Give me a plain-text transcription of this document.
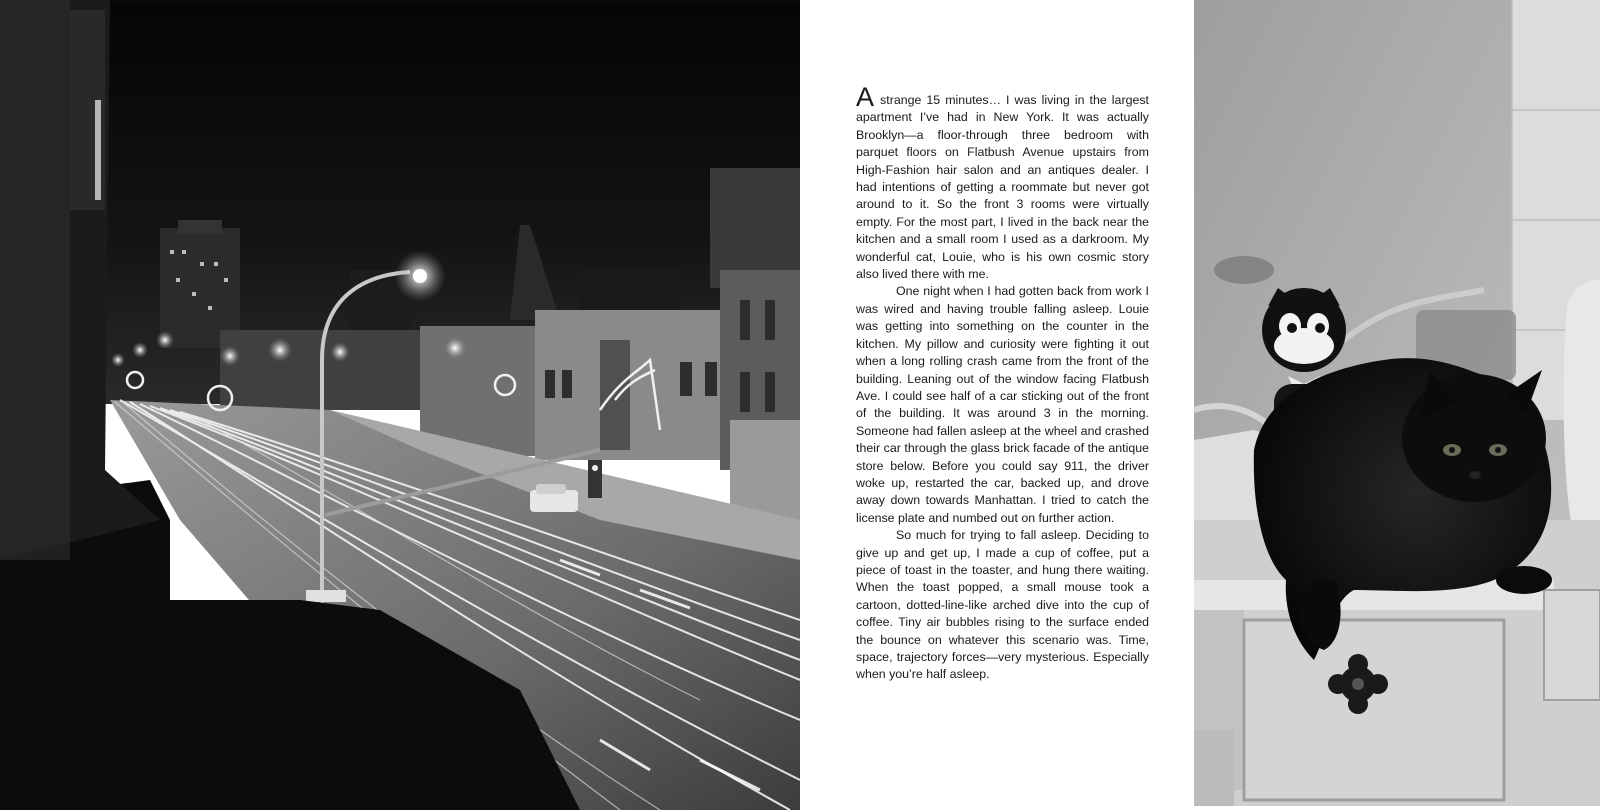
A strange 15 minutes… I was living in the largest apartment I’ve had in New York. It was actually Brooklyn—a floor-through three bedroom with parquet floors on Flatbush Avenue upstairs from High-Fashion hair salon and an antiques dealer. I had intentions of getting a roommate but never got around to it. So the front 3 rooms were virtually empty. For the most part, I lived in the back near the kitchen and a small room I used as a darkroom. My wonderful cat, Louie, who is his own cosmic story also lived there with me.

One night when I had gotten back from work I was wired and having trouble falling asleep. Louie was getting into something on the counter in the kitchen. My pillow and curiosity were fighting it out when a long rolling crash came from the front of the building. Leaning out of the window facing Flatbush Ave. I could see half of a car sticking out of the front of the building. It was around 3 in the morning. Someone had fallen asleep at the wheel and crashed their car through the glass brick facade of the antique store below. Before you could say 911, the driver woke up, restarted the car, backed up, and drove away down towards Manhattan. I tried to catch the license plate and numbed out on further action.

So much for trying to fall asleep. Deciding to give up and get up, I made a cup of coffee, put a piece of toast in the toaster, and hung there waiting. When the toast popped, a small mouse took a cartoon, dotted-line-like arched dive into the cup of coffee. Tiny air bubbles rising to the surface ended the bounce on whatever this scenario was. Time, space, trajectory forces—very mysterious. Especially when you’re half asleep.
